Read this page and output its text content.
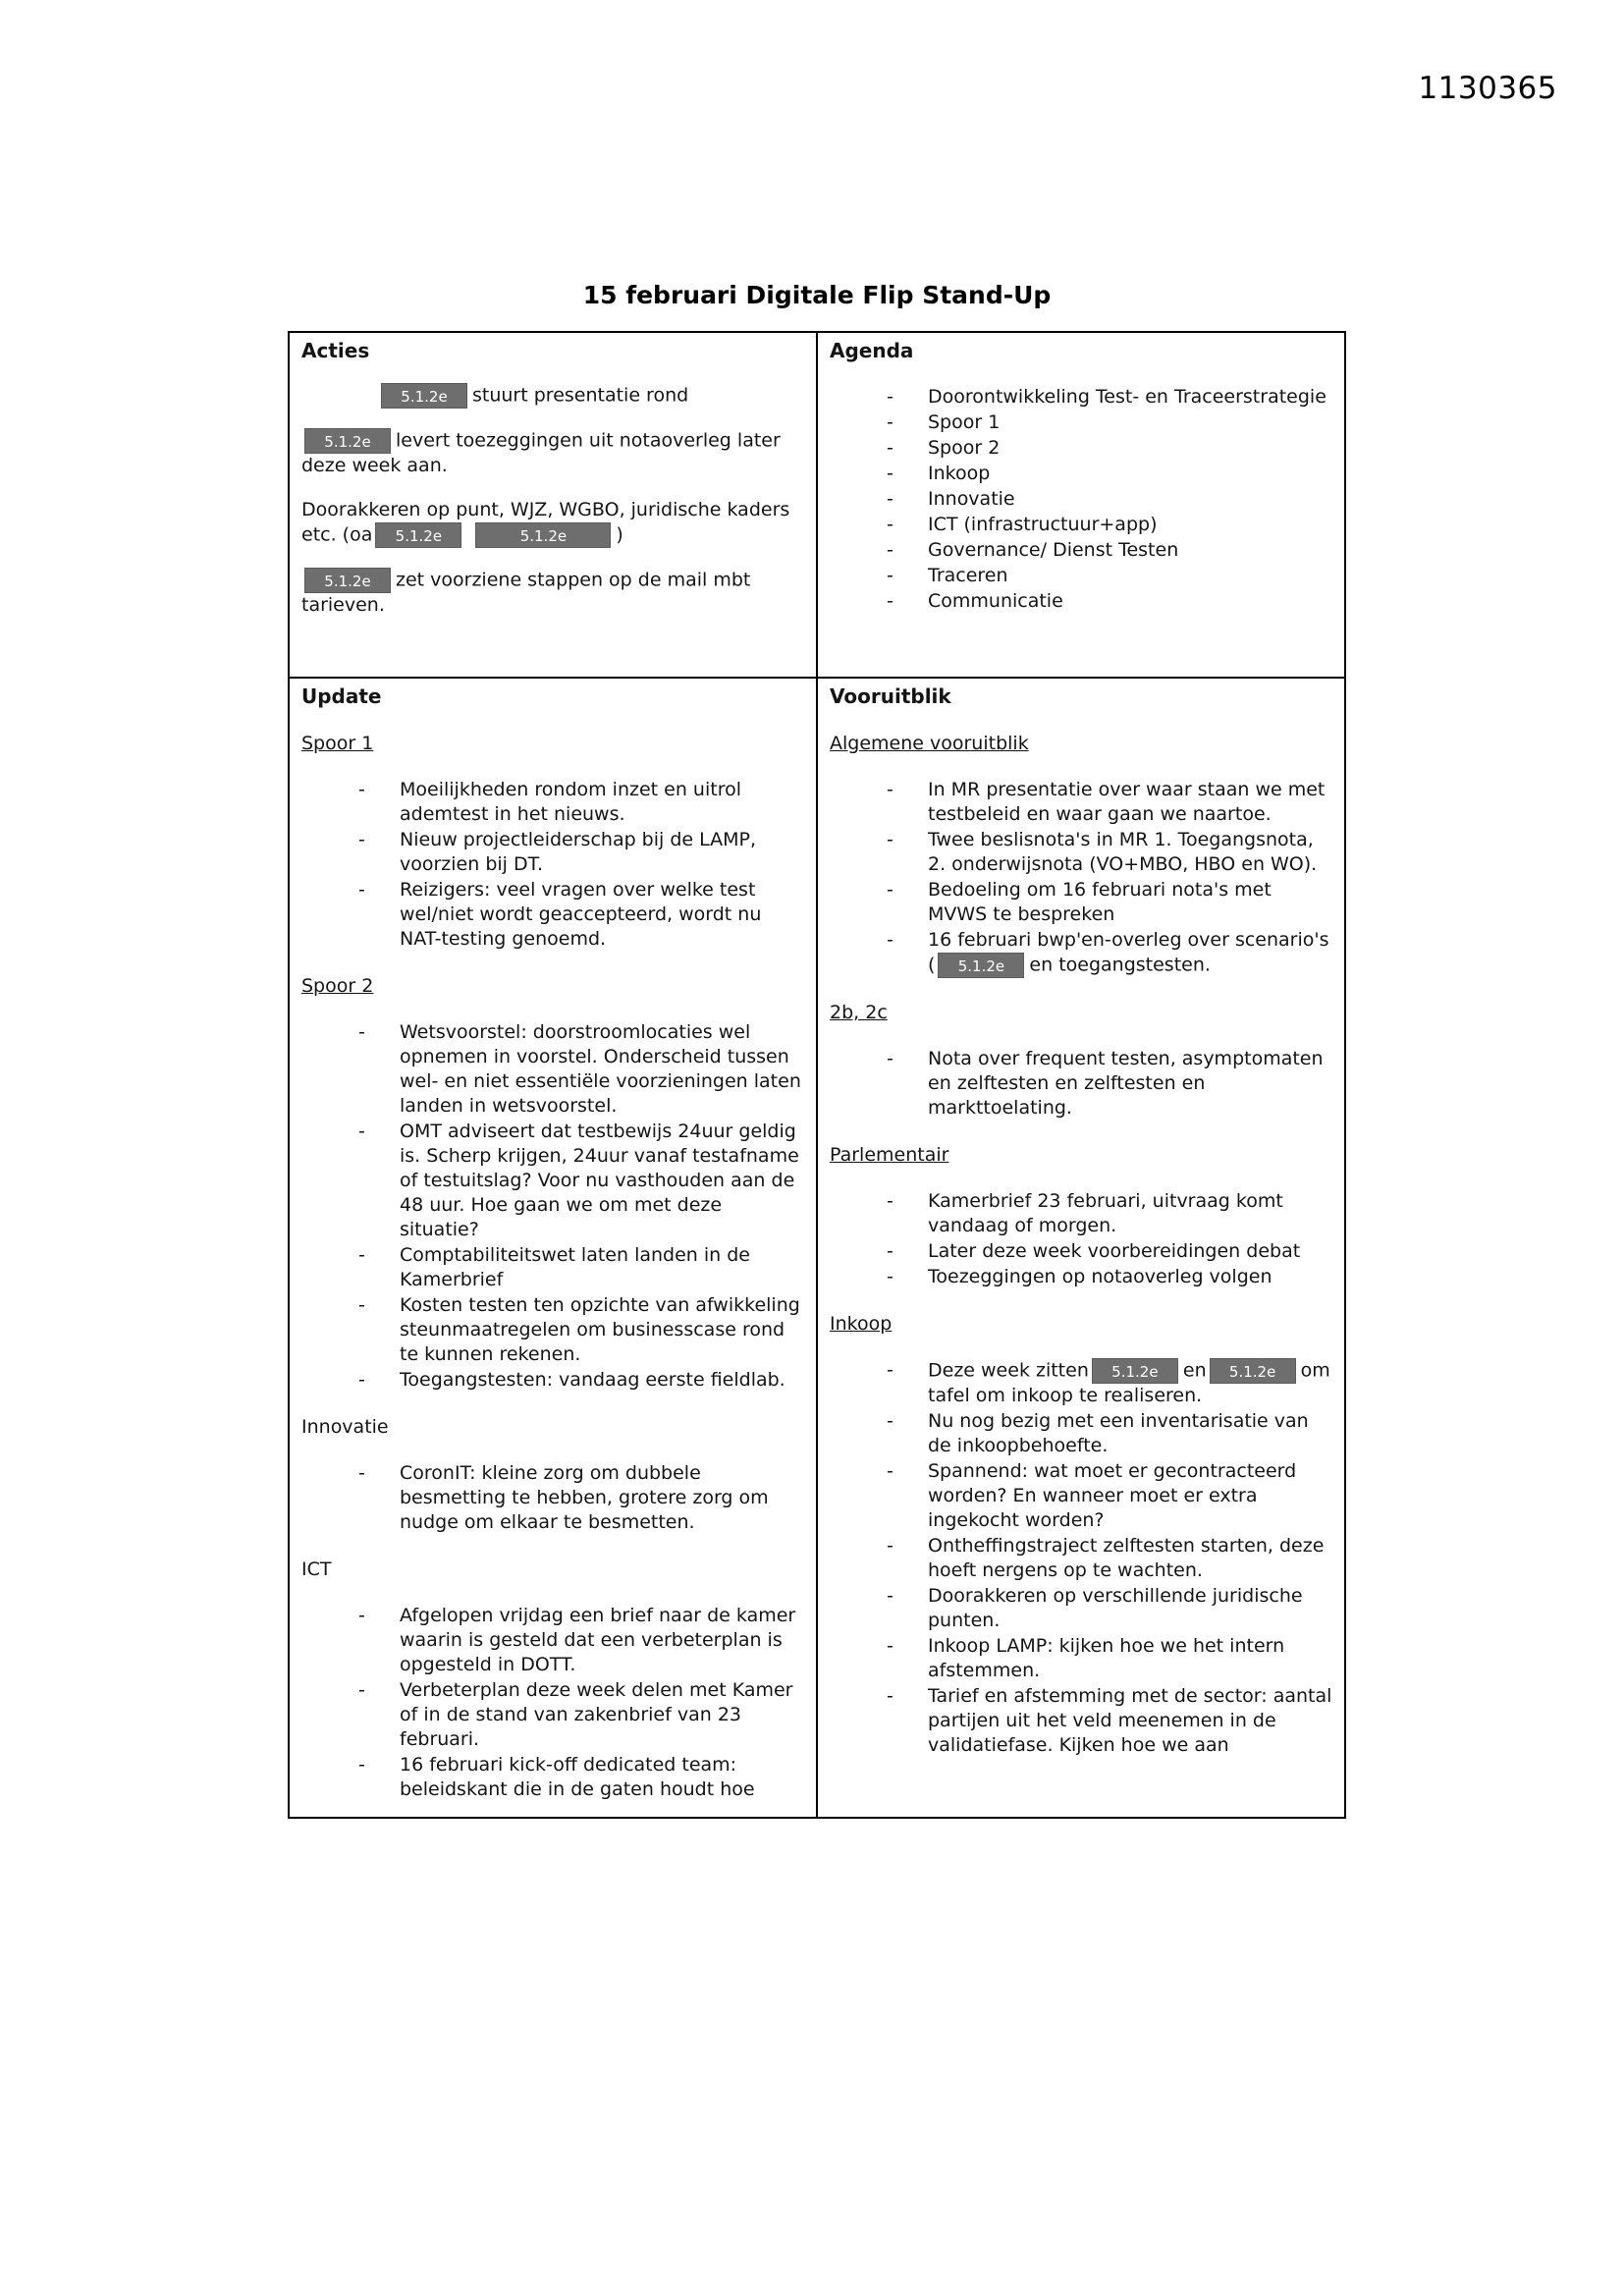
1130365
15 februari Digitale Flip Stand-Up
Acties

5.1.2e stuurt presentatie rond

5.1.2e levert toezeggingen uit notaoverleg later deze week aan.

Doorakkeren op punt, WJZ, WGBO, juridische kaders etc. (oa 5.1.2e	5.1.2e	)

5.1.2e zet voorziene stappen op de mail mbt tarieven.

Agenda
- Doorontwikkeling Test- en Traceerstrategie
- Spoor 1
- Spoor 2
- Inkoop
- Innovatie
- ICT (infrastructuur+app)
- Governance/ Dienst Testen
- Traceren
- Communicatie

Update
Spoor 1
- Moeilijkheden rondom inzet en uitrol ademtest in het nieuws.
- Nieuw projectleiderschap bij de LAMP, voorzien bij DT.
- Reizigers: veel vragen over welke test wel/niet wordt geaccepteerd, wordt nu NAT-testing genoemd.
Spoor 2
- Wetsvoorstel: doorstroomlocaties wel opnemen in voorstel. Onderscheid tussen wel- en niet essentiële voorzieningen laten landen in wetsvoorstel.
- OMT adviseert dat testbewijs 24uur geldig is. Scherp krijgen, 24uur vanaf testafname of testuitslag? Voor nu vasthouden aan de 48 uur. Hoe gaan we om met deze situatie?
- Comptabiliteitswet laten landen in de Kamerbrief
- Kosten testen ten opzichte van afwikkeling steunmaatregelen om businesscase rond te kunnen rekenen.
- Toegangstesten: vandaag eerste fieldlab.
Innovatie
- CoronIT: kleine zorg om dubbele besmetting te hebben, grotere zorg om nudge om elkaar te besmetten.
ICT
- Afgelopen vrijdag een brief naar de kamer waarin is gesteld dat een verbeterplan is opgesteld in DOTT.
- Verbeterplan deze week delen met Kamer of in de stand van zakenbrief van 23 februari.
- 16 februari kick-off dedicated team: beleidskant die in de gaten houdt hoe

Vooruitblik
Algemene vooruitblik
- In MR presentatie over waar staan we met testbeleid en waar gaan we naartoe.
- Twee beslisnota's in MR 1. Toegangsnota, 2. onderwijsnota (VO+MBO, HBO en WO).
- Bedoeling om 16 februari nota's met MVWS te bespreken
- 16 februari bwp'en-overleg over scenario's ( 5.1.2e en toegangstesten.
2b, 2c
- Nota over frequent testen, asymptomaten en zelftesten en zelftesten en markttoelating.
Parlementair
- Kamerbrief 23 februari, uitvraag komt vandaag of morgen.
- Later deze week voorbereidingen debat
- Toezeggingen op notaoverleg volgen
Inkoop
- Deze week zitten 5.1.2e en 5.1.2e om tafel om inkoop te realiseren.
- Nu nog bezig met een inventarisatie van de inkoopbehoefte.
- Spannend: wat moet er gecontracteerd worden? En wanneer moet er extra ingekocht worden?
- Ontheffingstraject zelftesten starten, deze hoeft nergens op te wachten.
- Doorakkeren op verschillende juridische punten.
- Inkoop LAMP: kijken hoe we het intern afstemmen.
- Tarief en afstemming met de sector: aantal partijen uit het veld meenemen in de validatiefase. Kijken hoe we aan
